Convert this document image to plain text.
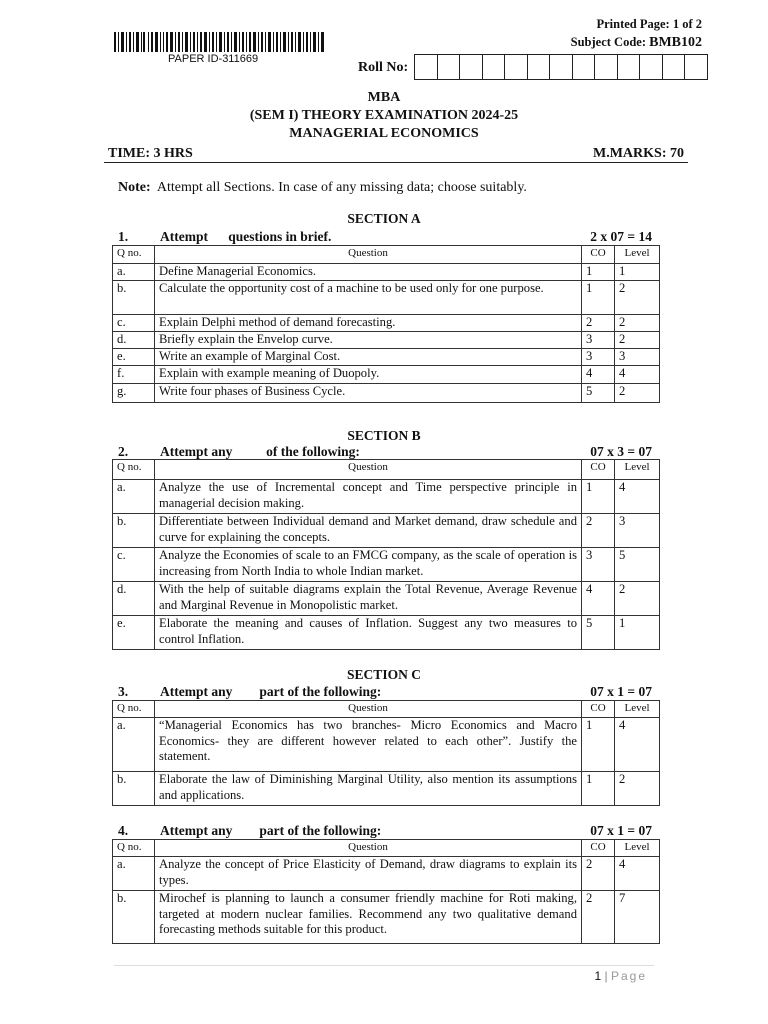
PAPER ID-311669
Printed Page: 1 of 2
Subject Code: BMB102
Roll No:
MBA
(SEM I) THEORY EXAMINATION 2024-25
MANAGERIAL ECONOMICS
TIME: 3 HRS	M.MARKS: 70
Note: Attempt all Sections. In case of any missing data; choose suitably.
SECTION A
1. Attempt      questions in brief.	2 x 07 = 14
Q no.	Question	CO	Level
a.	Define Managerial Economics.	1	1
b.	Calculate the opportunity cost of a machine to be used only for one purpose.	1	2
c.	Explain Delphi method of demand forecasting.	2	2
d.	Briefly explain the Envelop curve.	3	2
e.	Write an example of Marginal Cost.	3	3
f.	Explain with example meaning of Duopoly.	4	4
g.	Write four phases of Business Cycle.	5	2
SECTION B
2. Attempt any          of the following:	07 x 3 = 07
Q no.	Question	CO	Level
a.	Analyze the use of Incremental concept and Time perspective principle in managerial decision making.	1	4
b.	Differentiate between Individual demand and Market demand, draw schedule and curve for explaining the concepts.	2	3
c.	Analyze the Economies of scale to an FMCG company, as the scale of operation is increasing from North India to whole Indian market.	3	5
d.	With the help of suitable diagrams explain the Total Revenue, Average Revenue and Marginal Revenue in Monopolistic market.	4	2
e.	Elaborate the meaning and causes of Inflation. Suggest any two measures to control Inflation.	5	1
SECTION C
3. Attempt any        part of the following:	07 x 1 = 07
Q no.	Question	CO	Level
a.	“Managerial Economics has two branches- Micro Economics and Macro Economics- they are different however related to each other”. Justify the statement.	1	4
b.	Elaborate the law of Diminishing Marginal Utility, also mention its assumptions and applications.	1	2
4. Attempt any        part of the following:	07 x 1 = 07
Q no.	Question	CO	Level
a.	Analyze the concept of Price Elasticity of Demand, draw diagrams to explain its types.	2	4
b.	Mirochef is planning to launch a consumer friendly machine for Roti making, targeted at modern nuclear families. Recommend any two qualitative demand forecasting methods suitable for this product.	2	7
1 | Page
